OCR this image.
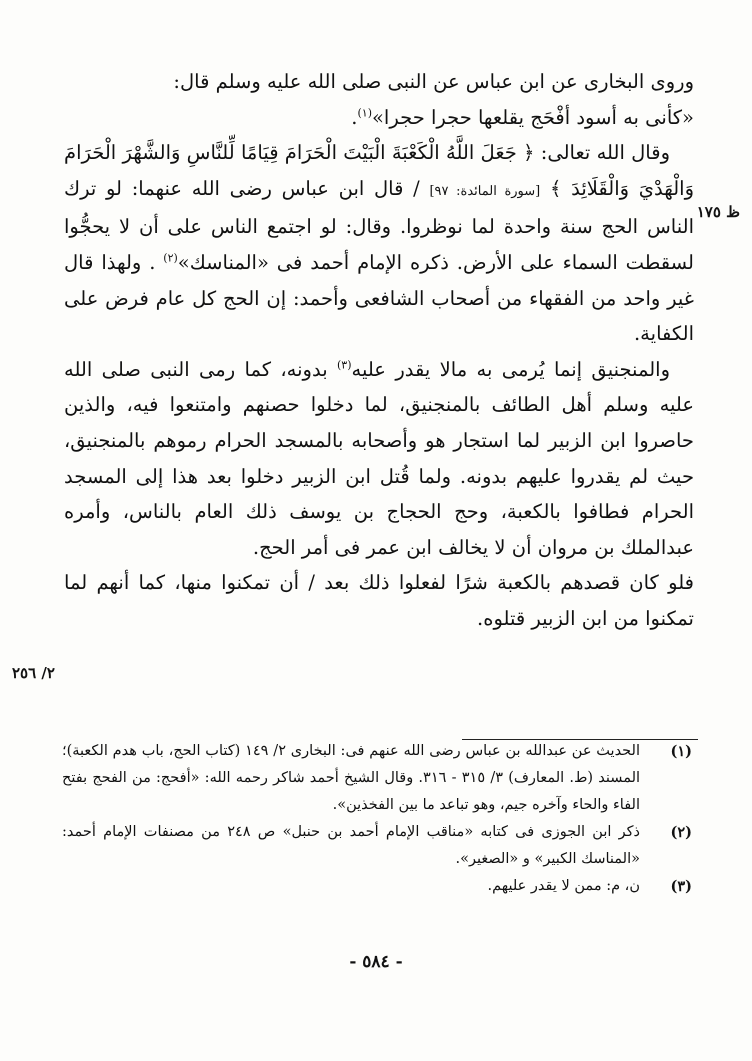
وروى البخارى عن ابن عباس عن النبى صلى الله عليه وسلم قال:
«كأنى به أسود أفْحَج يقلعها حجرا حجرا»$^{(١)}$.

وقال الله تعالى: ﴿ جَعَلَ اللَّهُ الْكَعْبَةَ الْبَيْتَ الْحَرَامَ قِيَامًا لِّلنَّاسِ وَالشَّهْرَ الْحَرَامَ وَالْهَدْيَ وَالْقَلَائِدَ ﴾ [سورة المائدة: ٩٧] / قال ابن عباس رضى الله عنهما: لو ترك الناس الحج سنة واحدة لما نوظروا. وقال: لو اجتمع الناس على أن لا يحجُّوا لسقطت السماء على الأرض. ذكره الإمام أحمد فى «المناسك»$^{(٢)}$ . ولهذا قال غير واحد من الفقهاء من أصحاب الشافعى وأحمد: إن الحج كل عام فرض على الكفاية.

والمنجنيق إنما يُرمى به مالا يقدر عليه$^{(٣)}$ بدونه، كما رمى النبى صلى الله عليه وسلم أهل الطائف بالمنجنيق، لما دخلوا حصنهم وامتنعوا فيه، والذين حاصروا ابن الزبير لما استجار هو وأصحابه بالمسجد الحرام رموهم بالمنجنيق، حيث لم يقدروا عليهم بدونه. ولما قُتل ابن الزبير دخلوا بعد هذا إلى المسجد الحرام فطافوا بالكعبة، وحج الحجاج بن يوسف ذلك العام بالناس، وأمره عبدالملك بن مروان أن لا يخالف ابن عمر فى أمر الحج.

فلو كان قصدهم بالكعبة شرًا لفعلوا ذلك بعد / أن تمكنوا منها، كما أنهم لما تمكنوا من ابن الزبير قتلوه.

ظ ١٧٥
٢/ ٢٥٦
(١)
الحديث عن عبدالله بن عباس رضى الله عنهم فى: البخارى ٢/ ١٤٩ (كتاب الحج، باب هدم الكعبة)؛ المسند (ط. المعارف) ٣/ ٣١٥ - ٣١٦. وقال الشيخ أحمد شاكر رحمه الله: «أفحج: من الفحج بفتح الفاء والحاء وآخره جيم، وهو تباعد ما بين الفخذين».
(٢)
ذكر ابن الجوزى فى كتابه «مناقب الإمام أحمد بن حنبل» ص ٢٤٨ من مصنفات الإمام أحمد: «المناسك الكبير» و «الصغير».
(٣)
ن، م: ممن لا يقدر عليهم.
- ٥٨٤ -
